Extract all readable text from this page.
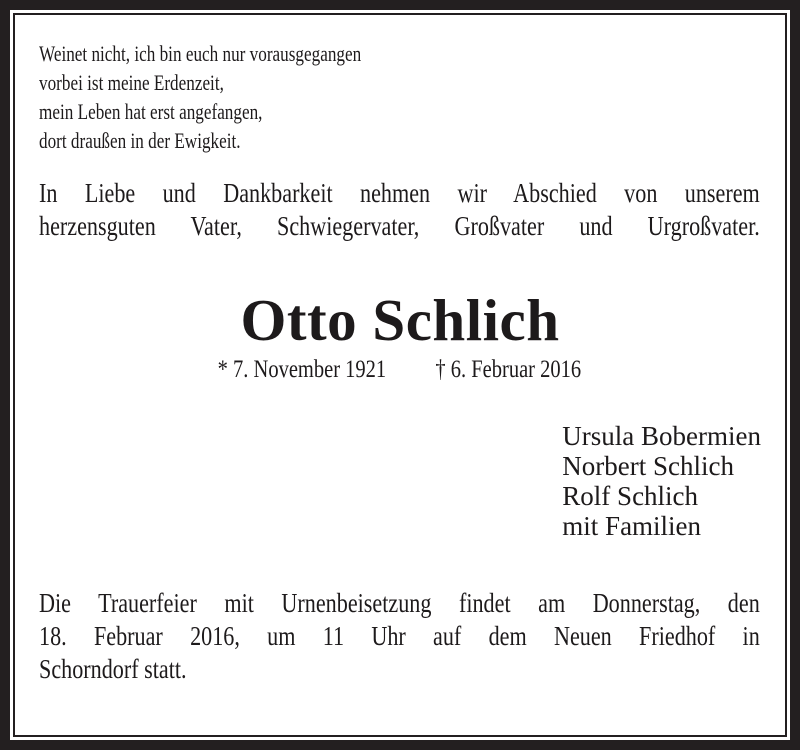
Weinet nicht, ich bin euch nur vorausgegangen
vorbei ist meine Erdenzeit,
mein Leben hat erst angefangen,
dort draußen in der Ewigkeit.
In Liebe und Dankbarkeit nehmen wir Abschied von unserem
herzensguten Vater, Schwiegervater, Großvater und Urgroßvater.
Otto Schlich
* 7. November 1921 † 6. Februar 2016
Ursula Bobermien
Norbert Schlich
Rolf Schlich
mit Familien
Die Trauerfeier mit Urnenbeisetzung findet am Donnerstag, den
18. Februar 2016, um 11 Uhr auf dem Neuen Friedhof in
Schorndorf statt.
